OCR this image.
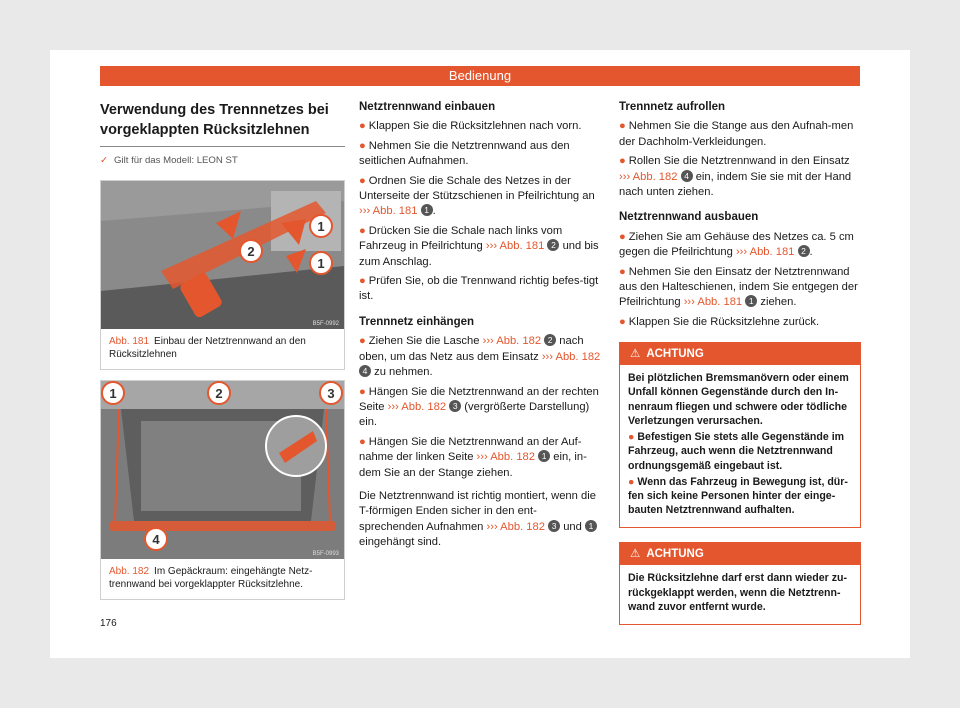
Bedienung
Verwendung des Trennnetzes bei vorgeklappten Rücksitzlehnen
✓ Gilt für das Modell: LEON ST
2
1
1
B5F-0992
Abb. 181 Einbau der Netztrennwand an den Rücksitzlehnen
1	2	3
4
B5F-0993
Abb. 182 Im Gepäckraum: eingehängte Netz-trennwand bei vorgeklappter Rücksitzlehne.
Netztrennwand einbauen

● Klappen Sie die Rücksitzlehnen nach vorn.

● Nehmen Sie die Netztrennwand aus den seitlichen Aufnahmen.

● Ordnen Sie die Schale des Netzes in der Unterseite der Stützschienen in Pfeilrichtung an ››› Abb. 181 1 .

● Drücken Sie die Schale nach links vom Fahrzeug in Pfeilrichtung ››› Abb. 181 2 und bis zum Anschlag.

● Prüfen Sie, ob die Trennwand richtig befes-tigt ist.

Trennnetz einhängen

● Ziehen Sie die Lasche ››› Abb. 182 2 nach oben, um das Netz aus dem Einsatz ››› Abb. 182 4 zu nehmen.

● Hängen Sie die Netztrennwand an der rechten Seite ››› Abb. 182 3 (vergrößerte Darstellung) ein.

● Hängen Sie die Netztrennwand an der Auf-nahme der linken Seite ››› Abb. 182 1 ein, in-dem Sie an der Stange ziehen.

Die Netztrennwand ist richtig montiert, wenn die T-förmigen Enden sicher in den ent-sprechenden Aufnahmen ››› Abb. 182 3 und 1 eingehängt sind.

Trennnetz aufrollen

● Nehmen Sie die Stange aus den Aufnah-men der Dachholm-Verkleidungen.

● Rollen Sie die Netztrennwand in den Einsatz ››› Abb. 182 4 ein, indem Sie sie mit der Hand nach unten ziehen.

Netztrennwand ausbauen

● Ziehen Sie am Gehäuse des Netzes ca. 5 cm gegen die Pfeilrichtung ››› Abb. 181 2 .

● Nehmen Sie den Einsatz der Netztrennwand aus den Halteschienen, indem Sie entgegen der Pfeilrichtung ››› Abb. 181 1 ziehen.

● Klappen Sie die Rücksitzlehne zurück.

⚠ ACHTUNG

Bei plötzlichen Bremsmanövern oder einem Unfall können Gegenstände durch den In-nenraum fliegen und schwere oder tödliche Verletzungen verursachen.

● Befestigen Sie stets alle Gegenstände im Fahrzeug, auch wenn die Netztrennwand ordnungsgemäß eingebaut ist.

● Wenn das Fahrzeug in Bewegung ist, dür-fen sich keine Personen hinter der einge-bauten Netztrennwand aufhalten.

⚠ ACHTUNG

Die Rücksitzlehne darf erst dann wieder zu-rückgeklappt werden, wenn die Netztrenn-wand zuvor entfernt wurde.

176
